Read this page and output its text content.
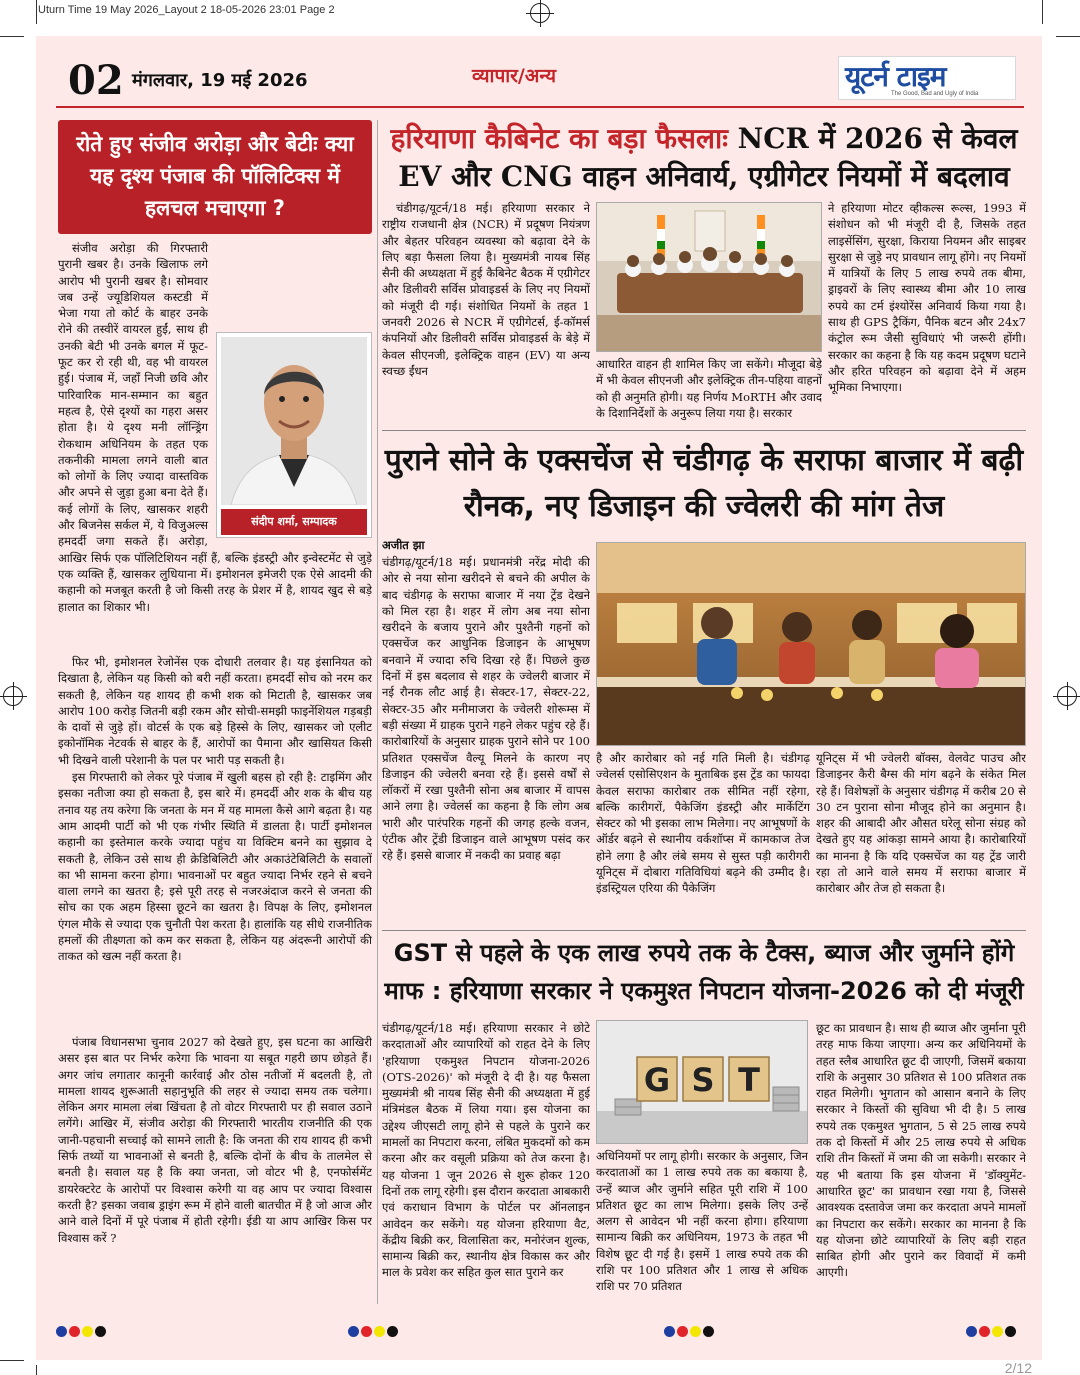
Uturn Time 19 May 2026_Layout 2 18-05-2026 23:01 Page 2
2/12
02 मंगलवार, 19 मई 2026	व्यापार/अन्य	यूटर्न टाइम
The Good, Bad and Ugly of India
रोते हुए संजीव अरोड़ा और बेटीः क्या यह दृश्य पंजाब की पॉलिटिक्स में हलचल मचाएगा ?
संदीप शर्मा, सम्पादक

संजीव अरोड़ा की गिरफ्तारी पुरानी खबर है। उनके खिलाफ लगे आरोप भी पुरानी खबर है। सोमवार जब उन्हें ज्यूडिशियल कस्टडी में भेजा गया तो कोर्ट के बाहर उनके रोने की तस्वीरें वायरल हुईं, साथ ही उनकी बेटी भी उनके बगल में फूट-फूट कर रो रही थी, वह भी वायरल हुई। पंजाब में, जहाँ निजी छवि और पारिवारिक मान-सम्मान का बहुत महत्व है, ऐसे दृश्यों का गहरा असर होता है। ये दृश्य मनी लॉन्ड्रिंग रोकथाम अधिनियम के तहत एक तकनीकी मामला लगने वाली बात को लोगों के लिए ज्यादा वास्तविक और अपने से जुड़ा हुआ बना देते हैं। कई लोगों के लिए, खासकर शहरी और बिजनेस सर्कल में, ये विजुअल्स हमदर्दी जगा सकते हैं। अरोड़ा, आखिर सिर्फ एक पॉलिटिशियन नहीं हैं, बल्कि इंडस्ट्री और इन्वेस्टमेंट से जुड़े एक व्यक्ति हैं, खासकर लुधियाना में। इमोशनल इमेजरी एक ऐसे आदमी की कहानी को मजबूत करती है जो किसी तरह के प्रेशर में है, शायद खुद से बड़े हालात का शिकार भी।

फिर भी, इमोशनल रेजोनेंस एक दोधारी तलवार है। यह इंसानियत को दिखाता है, लेकिन यह किसी को बरी नहीं करता। हमदर्दी सोच को नरम कर सकती है, लेकिन यह शायद ही कभी शक को मिटाती है, खासकर जब आरोप 100 करोड़ जितनी बड़ी रकम और सोची-समझी फाइनेंशियल गड़बड़ी के दावों से जुड़े हों। वोटर्स के एक बड़े हिस्से के लिए, खासकर जो एलीट इकोनॉमिक नेटवर्क से बाहर के हैं, आरोपों का पैमाना और खासियत किसी भी दिखने वाली परेशानी के पल पर भारी पड़ सकती है।

इस गिरफ्तारी को लेकर पूरे पंजाब में खुली बहस हो रही है: टाइमिंग और इसका नतीजा क्या हो सकता है, इस बारे में। हमदर्दी और शक के बीच यह तनाव यह तय करेगा कि जनता के मन में यह मामला कैसे आगे बढ़ता है। यह आम आदमी पार्टी को भी एक गंभीर स्थिति में डालता है। पार्टी इमोशनल कहानी का इस्तेमाल करके ज्यादा पहुंच या विक्टिम बनने का सुझाव दे सकती है, लेकिन उसे साथ ही क्रेडिबिलिटी और अकाउंटेबिलिटी के सवालों का भी सामना करना होगा। भावनाओं पर बहुत ज्यादा निर्भर रहने से बचने वाला लगने का खतरा है; इसे पूरी तरह से नजरअंदाज करने से जनता की सोच का एक अहम हिस्सा छूटने का खतरा है। विपक्ष के लिए, इमोशनल एंगल मौके से ज्यादा एक चुनौती पेश करता है। हालांकि यह सीधे राजनीतिक हमलों की तीक्ष्णता को कम कर सकता है, लेकिन यह अंदरूनी आरोपों की ताकत को खत्म नहीं करता है।

पंजाब विधानसभा चुनाव 2027 को देखते हुए, इस घटना का आखिरी असर इस बात पर निर्भर करेगा कि भावना या सबूत गहरी छाप छोड़ते हैं। अगर जांच लगातार कानूनी कार्रवाई और ठोस नतीजों में बदलती है, तो मामला शायद शुरूआती सहानुभूति की लहर से ज्यादा समय तक चलेगा। लेकिन अगर मामला लंबा खिंचता है तो वोटर गिरफ्तारी पर ही सवाल उठाने लगेंगे। आखिर में, संजीव अरोड़ा की गिरफ्तारी भारतीय राजनीति की एक जानी-पहचानी सच्चाई को सामने लाती है: कि जनता की राय शायद ही कभी सिर्फ तथ्यों या भावनाओं से बनती है, बल्कि दोनों के बीच के तालमेल से बनती है। सवाल यह है कि क्या जनता, जो वोटर भी है, एनफोर्समेंट डायरेक्टरेट के आरोपों पर विश्वास करेगी या वह आप पर ज्यादा विश्वास करती है? इसका जवाब ड्राइंग रूम में होने वाली बातचीत में है जो आज और आने वाले दिनों में पूरे पंजाब में होती रहेगी। ईडी या आप आखिर किस पर विश्वास करें ?

हरियाणा कैबिनेट का बड़ा फैसलाः NCR में 2026 से केवल EV और CNG वाहन अनिवार्य, एग्रीगेटर नियमों में बदलाव

चंडीगढ़/यूटर्न/18 मई। हरियाणा सरकार ने राष्ट्रीय राजधानी क्षेत्र (NCR) में प्रदूषण नियंत्रण और बेहतर परिवहन व्यवस्था को बढ़ावा देने के लिए बड़ा फैसला लिया है। मुख्यमंत्री नायब सिंह सैनी की अध्यक्षता में हुई कैबिनेट बैठक में एग्रीगेटर और डिलीवरी सर्विस प्रोवाइडर्स के लिए नए नियमों को मंजूरी दी गई। संशोधित नियमों के तहत 1 जनवरी 2026 से NCR में एग्रीगेटर्स, ई-कॉमर्स कंपनियों और डिलीवरी सर्विस प्रोवाइडर्स के बेड़े में केवल सीएनजी, इलेक्ट्रिक वाहन (EV) या अन्य स्वच्छ ईंधन	आधारित वाहन ही शामिल किए जा सकेंगे। मौजूदा बेड़े में भी केवल सीएनजी और इलेक्ट्रिक तीन-पहिया वाहनों को ही अनुमति होगी। यह निर्णय MoRTH और उवाद के दिशानिर्देशों के अनुरूप लिया गया है। सरकार

ने हरियाणा मोटर व्हीकल्स रूल्स, 1993 में संशोधन को भी मंजूरी दी है, जिसके तहत लाइसेंसिंग, सुरक्षा, किराया नियमन और साइबर सुरक्षा से जुड़े नए प्रावधान लागू होंगे। नए नियमों में यात्रियों के लिए 5 लाख रुपये तक बीमा, ड्राइवरों के लिए स्वास्थ्य बीमा और 10 लाख रुपये का टर्म इंश्योरेंस अनिवार्य किया गया है। साथ ही GPS ट्रैकिंग, पैनिक बटन और 24x7 कंट्रोल रूम जैसी सुविधाएं भी जरूरी होंगी। सरकार का कहना है कि यह कदम प्रदूषण घटाने और हरित परिवहन को बढ़ावा देने में अहम भूमिका निभाएगा।

पुराने सोने के एक्सचेंज से चंडीगढ़ के सराफा बाजार में बढ़ी रौनक, नए डिजाइन की ज्वेलरी की मांग तेज
अजीत झा

चंडीगढ़/यूटर्न/18 मई। प्रधानमंत्री नरेंद्र मोदी की ओर से नया सोना खरीदने से बचने की अपील के बाद चंडीगढ़ के सराफा बाजार में नया ट्रेंड देखने को मिल रहा है। शहर में लोग अब नया सोना खरीदने के बजाय पुराने और पुश्तैनी गहनों को एक्सचेंज कर आधुनिक डिजाइन के आभूषण बनवाने में ज्यादा रुचि दिखा रहे हैं। पिछले कुछ दिनों में इस बदलाव से शहर के ज्वेलरी बाजार में नई रौनक लौट आई है। सेक्टर-17, सेक्टर-22, सेक्टर-35 और मनीमाजरा के ज्वेलरी शोरूम्स में बड़ी संख्या में ग्राहक पुराने गहने लेकर पहुंच रहे हैं। कारोबारियों के अनुसार ग्राहक पुराने सोने पर 100 प्रतिशत एक्सचेंज वैल्यू मिलने के कारण नए डिजाइन की ज्वेलरी बनवा रहे हैं। इससे वर्षों से लॉकरों में रखा पुश्तैनी सोना अब बाजार में वापस आने लगा है। ज्वेलर्स का कहना है कि लोग अब भारी और पारंपरिक गहनों की जगह हल्के वजन, एंटीक और ट्रेंडी डिजाइन वाले आभूषण पसंद कर रहे हैं। इससे बाजार में नकदी का प्रवाह बढ़ा

है और कारोबार को नई गति मिली है। चंडीगढ़ ज्वेलर्स एसोसिएशन के मुताबिक इस ट्रेंड का फायदा केवल सराफा कारोबार तक सीमित नहीं रहेगा, बल्कि कारीगरों, पैकेजिंग इंडस्ट्री और मार्केटिंग सेक्टर को भी इसका लाभ मिलेगा। नए आभूषणों के ऑर्डर बढ़ने से स्थानीय वर्कशॉप्स में कामकाज तेज होने लगा है और लंबे समय से सुस्त पड़ी कारीगरी यूनिट्स में दोबारा गतिविधियां बढ़ने की उम्मीद है। इंडस्ट्रियल एरिया की पैकेजिंग

यूनिट्स में भी ज्वेलरी बॉक्स, वेलवेट पाउच और डिजाइनर कैरी बैग्स की मांग बढ़ने के संकेत मिल रहे हैं। विशेषज्ञों के अनुसार चंडीगढ़ में करीब 20 से 30 टन पुराना सोना मौजूद होने का अनुमान है। शहर की आबादी और औसत घरेलू सोना संग्रह को देखते हुए यह आंकड़ा सामने आया है। कारोबारियों का मानना है कि यदि एक्सचेंज का यह ट्रेंड जारी रहा तो आने वाले समय में सराफा बाजार में कारोबार और तेज हो सकता है।

GST से पहले के एक लाख रुपये तक के टैक्स, ब्याज और जुर्माने होंगे माफ : हरियाणा सरकार ने एकमुश्त निपटान योजना-2026 को दी मंजूरी

चंडीगढ़/यूटर्न/18 मई। हरियाणा सरकार ने छोटे करदाताओं और व्यापारियों को राहत देने के लिए 'हरियाणा एकमुश्त निपटान योजना-2026 (OTS-2026)' को मंजूरी दे दी है। यह फैसला मुख्यमंत्री श्री नायब सिंह सैनी की अध्यक्षता में हुई मंत्रिमंडल बैठक में लिया गया। इस योजना का उद्देश्य जीएसटी लागू होने से पहले के पुराने कर मामलों का निपटारा करना, लंबित मुकदमों को कम करना और कर वसूली प्रक्रिया को तेज करना है। यह योजना 1 जून 2026 से शुरू होकर 120 दिनों तक लागू रहेगी। इस दौरान करदाता आबकारी एवं कराधान विभाग के पोर्टल पर ऑनलाइन आवेदन कर सकेंगे। यह योजना हरियाणा वैट, केंद्रीय बिक्री कर, विलासिता कर, मनोरंजन शुल्क, सामान्य बिक्री कर, स्थानीय क्षेत्र विकास कर और माल के प्रवेश कर सहित कुल सात पुराने कर

G S T

अधिनियमों पर लागू होगी। सरकार के अनुसार, जिन करदाताओं का 1 लाख रुपये तक का बकाया है, उन्हें ब्याज और जुर्माने सहित पूरी राशि में 100 प्रतिशत छूट का लाभ मिलेगा। इसके लिए उन्हें अलग से आवेदन भी नहीं करना होगा। हरियाणा सामान्य बिक्री कर अधिनियम, 1973 के तहत भी विशेष छूट दी गई है। इसमें 1 लाख रुपये तक की राशि पर 100 प्रतिशत और 1 लाख से अधिक राशि पर 70 प्रतिशत

छूट का प्रावधान है। साथ ही ब्याज और जुर्माना पूरी तरह माफ किया जाएगा। अन्य कर अधिनियमों के तहत स्लैब आधारित छूट दी जाएगी, जिसमें बकाया राशि के अनुसार 30 प्रतिशत से 100 प्रतिशत तक राहत मिलेगी। भुगतान को आसान बनाने के लिए सरकार ने किस्तों की सुविधा भी दी है। 5 लाख रुपये तक एकमुश्त भुगतान, 5 से 25 लाख रुपये तक दो किस्तों में और 25 लाख रुपये से अधिक राशि तीन किस्तों में जमा की जा सकेगी। सरकार ने यह भी बताया कि इस योजना में 'डॉक्युमेंट-आधारित छूट' का प्रावधान रखा गया है, जिससे आवश्यक दस्तावेज जमा कर करदाता अपने मामलों का निपटारा कर सकेंगे। सरकार का मानना है कि यह योजना छोटे व्यापारियों के लिए बड़ी राहत साबित होगी और पुराने कर विवादों में कमी आएगी।
